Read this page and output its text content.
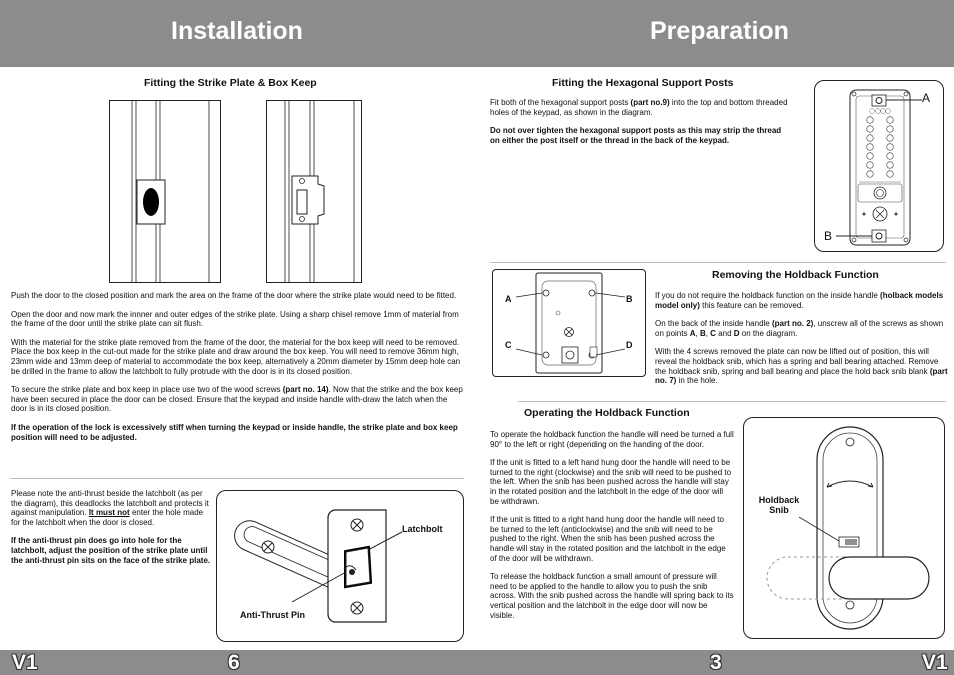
Installation	Preparation
V1	6	3	V1
Fitting the Strike Plate & Box Keep

Push the door to the closed position and mark the area on the frame of the door where the strike plate would need to be fitted.

Open the door and now mark the innner and outer edges of the strike plate. Using a sharp chisel remove 1mm of material from the frame of the door until the strike plate can sit flush.

With the material for the strike plate removed from the frame of the door, the material for the box keep will need to be removed. Place the box keep in the cut-out made for the strike plate and draw around the box keep. You will need to remove 36mm high, 23mm wide and 13mm deep of material to accommodate the box keep, alternatively a 20mm diameter by 15mm deep hole can be drilled in the frame to allow the latchbolt to fully protrude with the door is in its closed position.

To secure the strike plate and box keep in place use two of the wood screws (part no. 14). Now that the strike and the box keep have been secured in place the door can be closed. Ensure that the keypad and inside handle with-draw the latch when the door is in its closed position.

If the operation of the lock is excessively stiff when turning the keypad or inside handle, the strike plate and box keep position will need to be adjusted.

Please note the anti-thrust beside the latchbolt (as per the diagram), this deadlocks the latchbolt and protects it against manipulation. It must not enter the hole made for the latchbolt when the door is closed.

If the anti-thrust pin does go into hole for the latchbolt, adjust the position of the strike plate until the anti-thrust pin sits on the face of the strike plate.

Latchbolt
Anti-Thrust Pin
Fitting the Hexagonal Support Posts

Fit both of the hexagonal support posts (part no.9) into the top and bottom threaded holes of the keypad, as shown in the diagram.

Do not over tighten the hexagonal support posts as this may strip the thread on either the post itself or the thread in the back of the keypad.

A
B
A	B
C	D
Removing the Holdback Function

If you do not require the holdback function on the inside handle (holback models model only) this feature can be removed.

On the back of the inside handle (part no. 2), unscrew all of the screws as shown on points A, B, C and D on the diagram.

With the 4 screws removed the plate can now be lifted out of position, this will reveal the holdback snib, which has a spring and ball bearing attached. Remove the holdback snib, spring and ball bearing and place the hold back snib blank (part no. 7) in the hole.

Operating the Holdback Function

To operate the holdback function the handle will need be turned a full 90° to the left or right (depending on the handing of the door.

If the unit is fitted to a left hand hung door the handle will need to be turned to the right (clockwise) and the snib will need to be pushed to the left. When the snib has been pushed across the handle will stay in the rotated position and the latchbolt in the edge of the door will be withdrawn.

If the unit is fitted to a right hand hung door the handle will need to be turned to the left (anticlockwise) and the snib will need to be pushed to the right. When the snib has been pushed across the handle will stay in the rotated position and the latchbolt in the edge of the door will be withdrawn.

To release the holdback function a small amount of pressure will need to be applied to the handle to allow you to push the snib across. With the snib pushed across the handle will spring back to its vertical position and the latchbolt in the edge door will now be visible.

Holdback
Snib
